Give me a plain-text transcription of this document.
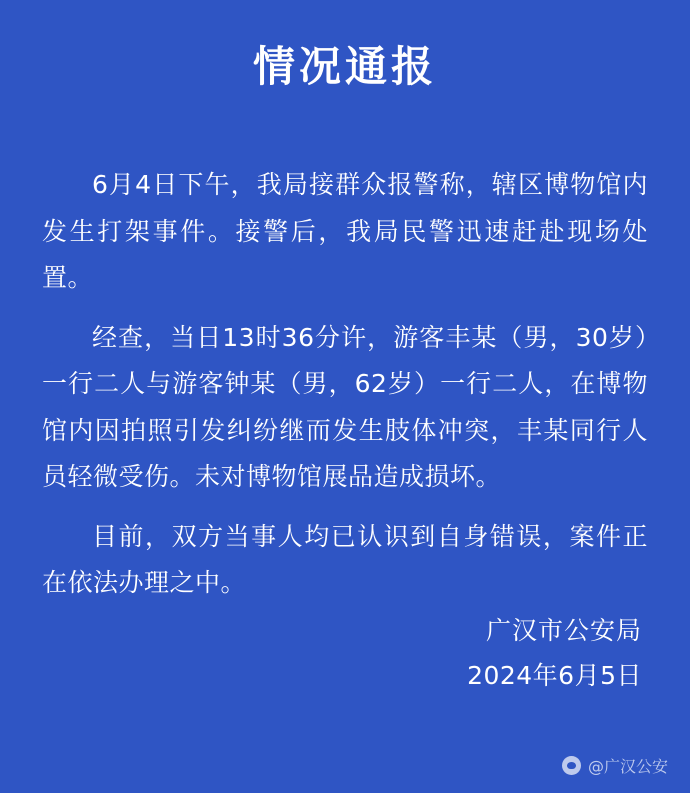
情况通报

6月4日下午，我局接群众报警称，辖区博物馆内发生打架事件。接警后，我局民警迅速赶赴现场处置。

经查，当日13时36分许，游客丰某（男，30岁）一行二人与游客钟某（男，62岁）一行二人，在博物馆内因拍照引发纠纷继而发生肢体冲突，丰某同行人员轻微受伤。未对博物馆展品造成损坏。

目前，双方当事人均已认识到自身错误，案件正在依法办理之中。

广汉市公安局
2024年6月5日
@广汉公安
